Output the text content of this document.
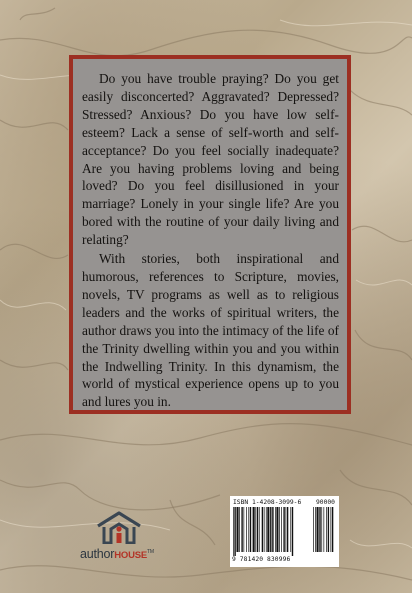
Do you have trouble praying? Do you get easily disconcerted? Aggravated? Depressed? Stressed? Anxious? Do you have low self-esteem? Lack a sense of self-worth and self-acceptance? Do you feel socially inadequate? Are you having problems loving and being loved? Do you feel disillusioned in your marriage? Lonely in your single life? Are you bored with the routine of your daily living and relating?

With stories, both inspirational and humorous, references to Scripture, movies, novels, TV programs as well as to religious leaders and the works of spiritual writers, the author draws you into the intimacy of the life of the Trinity dwelling within you and you within the Indwelling Trinity. In this dynamism, the world of mystical experience opens up to you and lures you in.

authorHOUSE™
ISBN 1-4208-3099-6 90000
9 781420 830996
